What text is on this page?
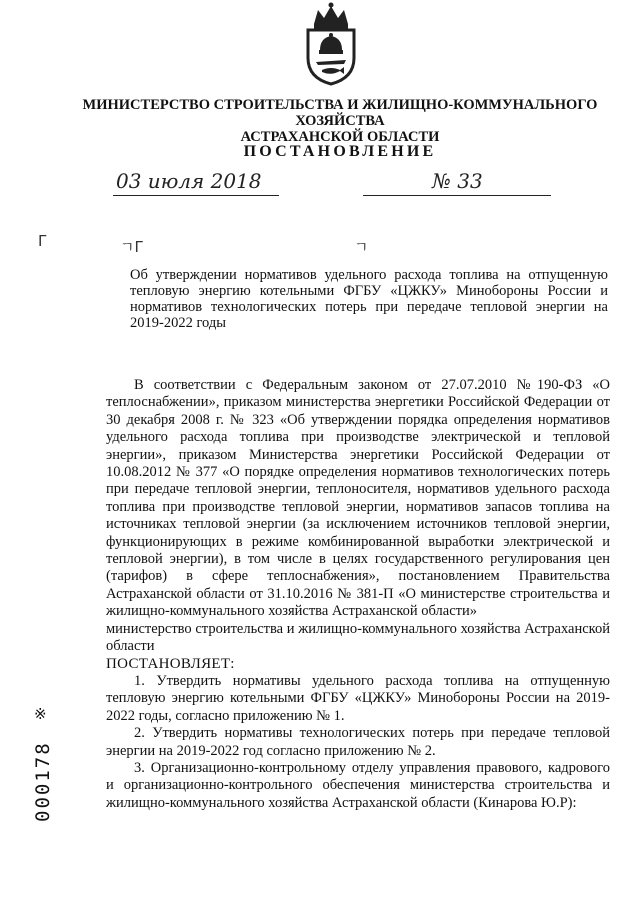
МИНИСТЕРСТВО СТРОИТЕЛЬСТВА И ЖИЛИЩНО-КОММУНАЛЬНОГО ХОЗЯЙСТВА
АСТРАХАНСКОЙ ОБЛАСТИ
ПОСТАНОВЛЕНИЕ
03 июля 2018	№ 33
Г	ㄱГ	ㄱ
Об утверждении нормативов удельного расхода топлива на отпущенную тепловую энергию котельными ФГБУ «ЦЖКУ» Минобороны России и нормативов технологических потерь при передаче тепловой энергии на 2019-2022 годы

В соответствии с Федеральным законом от 27.07.2010 №190-ФЗ «О теплоснабжении», приказом министерства энергетики Российской Федерации от 30 декабря 2008 г. № 323 «Об утверждении порядка определения нормативов удельного расхода топлива при производстве электрической и тепловой энергии», приказом Министерства энергетики Российской Федерации от 10.08.2012 № 377 «О порядке определения нормативов технологических потерь при передаче тепловой энергии, теплоносителя, нормативов удельного расхода топлива при производстве тепловой энергии, нормативов запасов топлива на источниках тепловой энергии (за исключением источников тепловой энергии, функционирующих в режиме комбинированной выработки электрической и тепловой энергии), в том числе в целях государственного регулирования цен (тарифов) в сфере теплоснабжения», постановлением Правительства Астраханской области от 31.10.2016 № 381-П «О министерстве строительства и жилищно-коммунального хозяйства Астраханской области»

министерство строительства и жилищно-коммунального хозяйства Астраханской области

ПОСТАНОВЛЯЕТ:

1. Утвердить нормативы удельного расхода топлива на отпущенную тепловую энергию котельными ФГБУ «ЦЖКУ» Минобороны России на 2019-2022 годы, согласно приложению № 1.

2. Утвердить нормативы технологических потерь при передаче тепловой энергии на 2019-2022 год согласно приложению № 2.

3. Организационно-контрольному отделу управления правового, кадрового и организационно-контрольного обеспечения министерства строительства и жилищно-коммунального хозяйства Астраханской области (Кинарова Ю.Р):

※
000178
